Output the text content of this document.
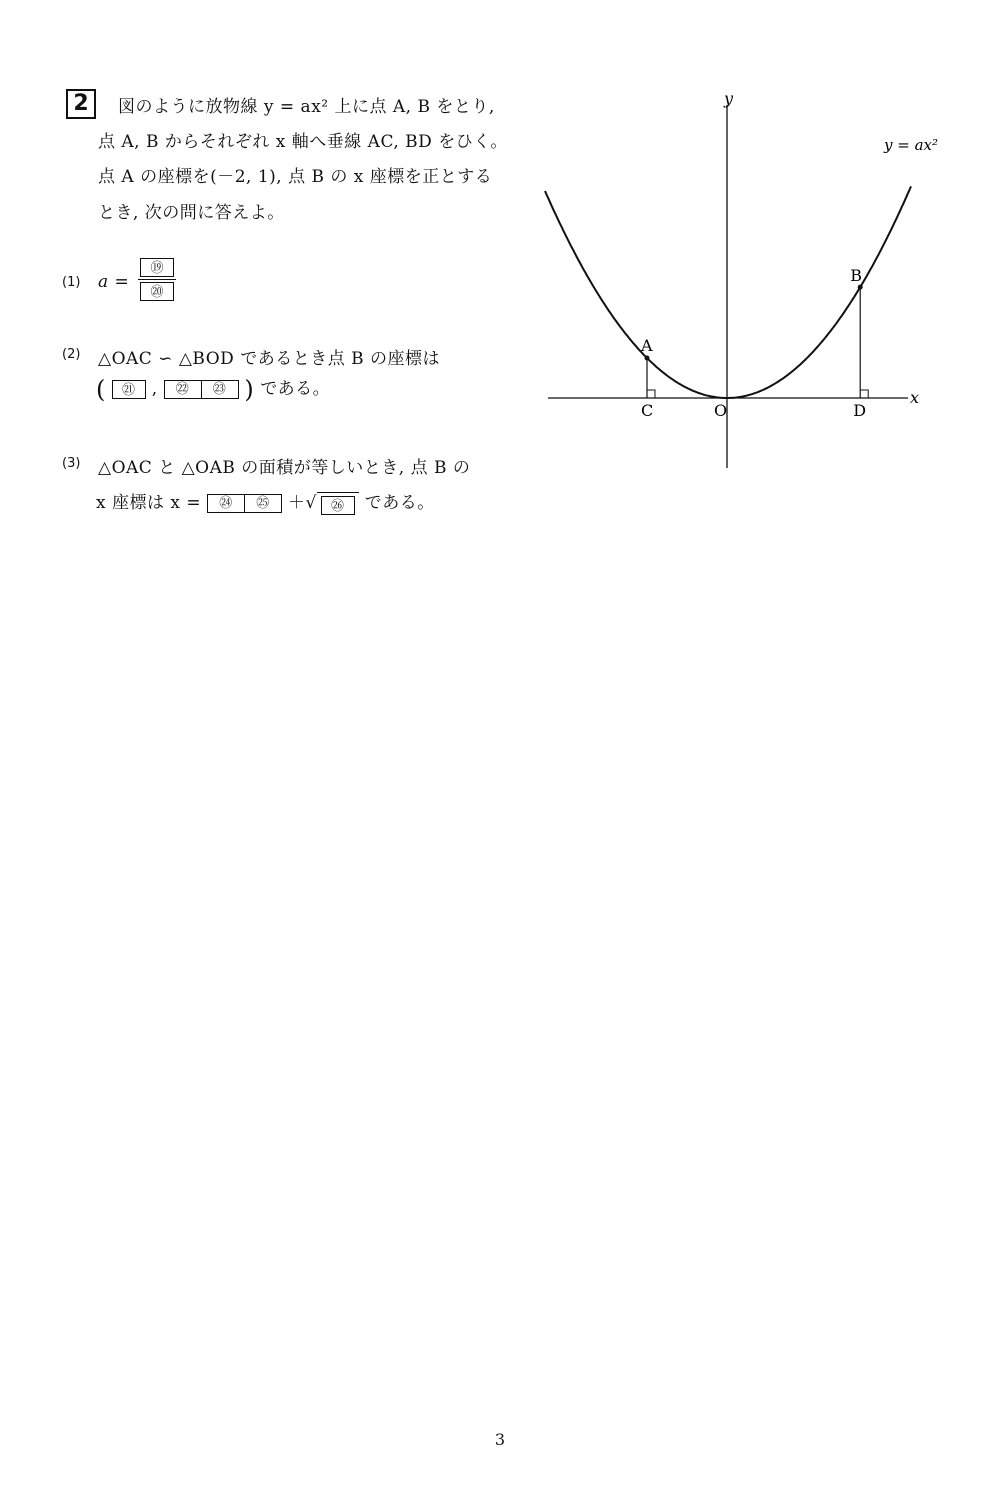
2	図のように放物線 y = ax² 上に点 A, B をとり,
点 A, B からそれぞれ x 軸へ垂線 AC, BD をひく。
点 A の座標を(－2, 1), 点 B の x 座標を正とする
とき, 次の問に答えよ。
(1) a =
⑲
⑳
(2) △OAC ∽ △BOD であるとき点 B の座標は
( ㉑ ,	㉒	㉓ ) である。
(3) △OAC と △OAB の面積が等しいとき, 点 B の
x 座標は x =	㉔	㉕	＋√ ㉖ である。
x
y
y = ax²
A
B
C	D
O
3
